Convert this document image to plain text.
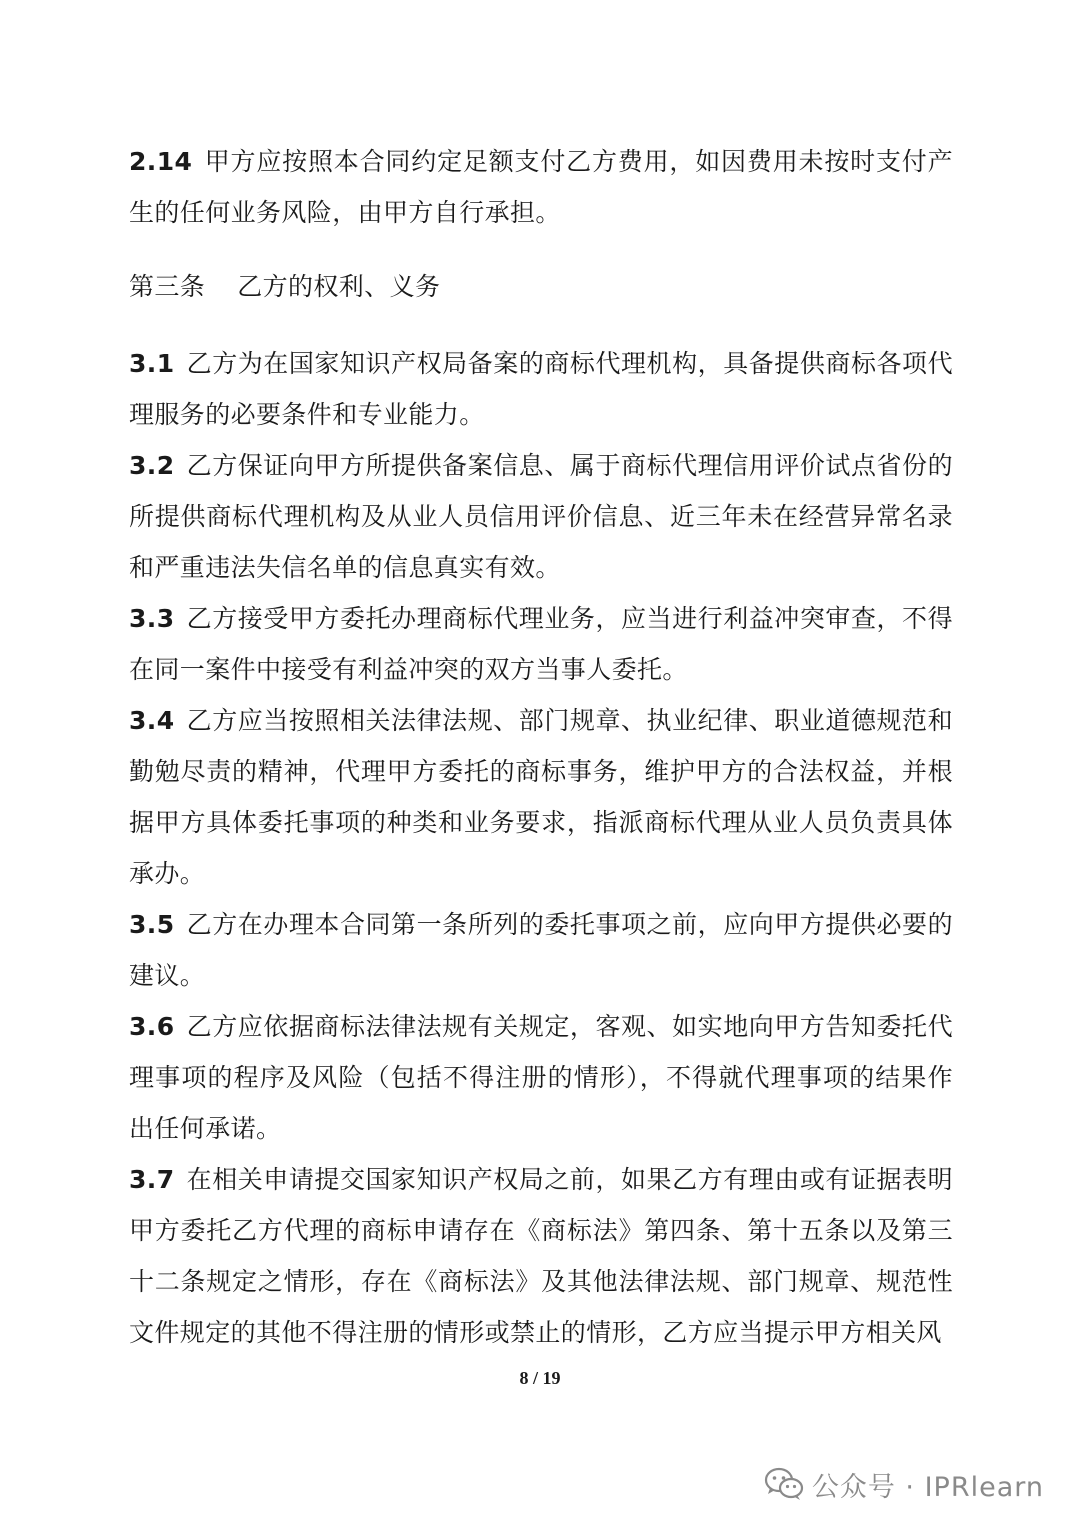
2.14 甲方应按照本合同约定足额支付乙方费用，如因费用未按时支付产生的任何业务风险，由甲方自行承担。

第三条 乙方的权利、义务

3.1 乙方为在国家知识产权局备案的商标代理机构，具备提供商标各项代理服务的必要条件和专业能力。

3.2 乙方保证向甲方所提供备案信息、属于商标代理信用评价试点省份的所提供商标代理机构及从业人员信用评价信息、近三年未在经营异常名录和严重违法失信名单的信息真实有效。

3.3 乙方接受甲方委托办理商标代理业务，应当进行利益冲突审查，不得在同一案件中接受有利益冲突的双方当事人委托。

3.4 乙方应当按照相关法律法规、部门规章、执业纪律、职业道德规范和勤勉尽责的精神，代理甲方委托的商标事务，维护甲方的合法权益，并根据甲方具体委托事项的种类和业务要求，指派商标代理从业人员负责具体承办。

3.5 乙方在办理本合同第一条所列的委托事项之前，应向甲方提供必要的建议。

3.6 乙方应依据商标法律法规有关规定，客观、如实地向甲方告知委托代理事项的程序及风险（包括不得注册的情形），不得就代理事项的结果作出任何承诺。

3.7 在相关申请提交国家知识产权局之前，如果乙方有理由或有证据表明甲方委托乙方代理的商标申请存在《商标法》第四条、第十五条以及第三十二条规定之情形，存在《商标法》及其他法律法规、部门规章、规范性文件规定的其他不得注册的情形或禁止的情形，乙方应当提示甲方相关风

8 / 19
公众号 · IPRlearn
